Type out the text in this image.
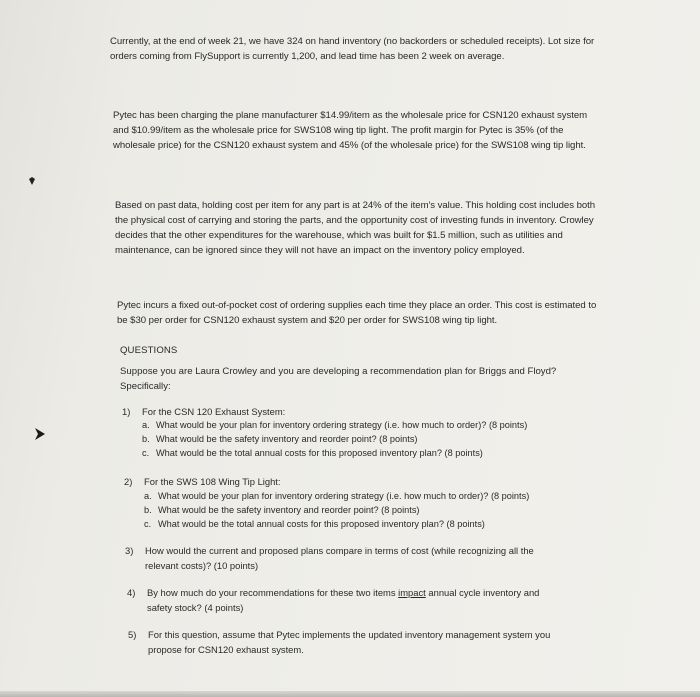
Currently, at the end of week 21, we have 324 on hand inventory (no backorders or scheduled receipts). Lot size for orders coming from FlySupport is currently 1,200, and lead time has been 2 week on average.

Pytec has been charging the plane manufacturer $14.99/item as the wholesale price for CSN120 exhaust system and $10.99/item as the wholesale price for SWS108 wing tip light. The profit margin for Pytec is 35% (of the wholesale price) for the CSN120 exhaust system and 45% (of the wholesale price) for the SWS108 wing tip light.

Based on past data, holding cost per item for any part is at 24% of the item's value. This holding cost includes both the physical cost of carrying and storing the parts, and the opportunity cost of investing funds in inventory. Crowley decides that the other expenditures for the warehouse, which was built for $1.5 million, such as utilities and maintenance, can be ignored since they will not have an impact on the inventory policy employed.

Pytec incurs a fixed out-of-pocket cost of ordering supplies each time they place an order. This cost is estimated to be $30 per order for CSN120 exhaust system and $20 per order for SWS108 wing tip light.

QUESTIONS
Suppose you are Laura Crowley and you are developing a recommendation plan for Briggs and Floyd? Specifically:
1) For the CSN 120 Exhaust System:
a. What would be your plan for inventory ordering strategy (i.e. how much to order)? (8 points)
b. What would be the safety inventory and reorder point? (8 points)
c. What would be the total annual costs for this proposed inventory plan? (8 points)
2) For the SWS 108 Wing Tip Light:
a. What would be your plan for inventory ordering strategy (i.e. how much to order)? (8 points)
b. What would be the safety inventory and reorder point? (8 points)
c. What would be the total annual costs for this proposed inventory plan? (8 points)
3) How would the current and proposed plans compare in terms of cost (while recognizing all the
relevant costs)? (10 points)
4) By how much do your recommendations for these two items impact annual cycle inventory and
safety stock? (4 points)
5) For this question, assume that Pytec implements the updated inventory management system you
propose for CSN120 exhaust system.
